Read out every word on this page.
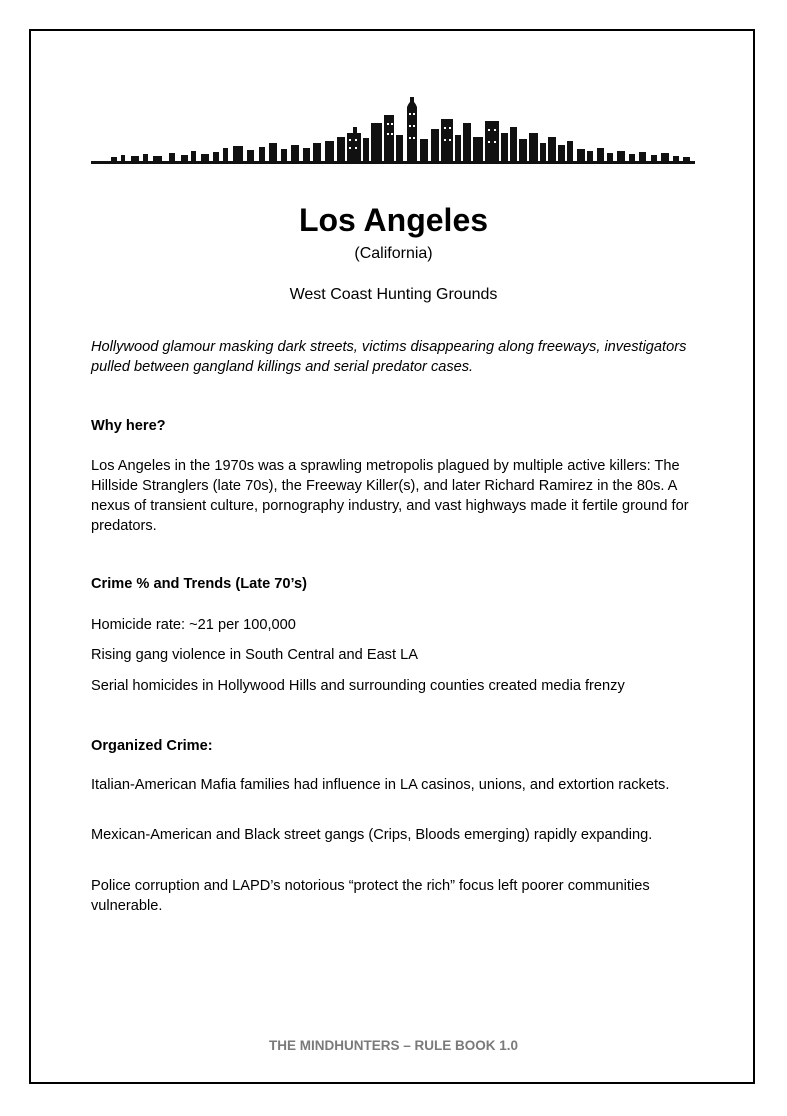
Los Angeles
(California)
West Coast Hunting Grounds
Hollywood glamour masking dark streets, victims disappearing along freeways, investigators pulled between gangland killings and serial predator cases.
Why here?
Los Angeles in the 1970s was a sprawling metropolis plagued by multiple active killers: The Hillside Stranglers (late 70s), the Freeway Killer(s), and later Richard Ramirez in the 80s. A nexus of transient culture, pornography industry, and vast highways made it fertile ground for predators.
Crime % and Trends (Late 70’s)
Homicide rate: ~21 per 100,000
Rising gang violence in South Central and East LA
Serial homicides in Hollywood Hills and surrounding counties created media frenzy
Organized Crime:
Italian-American Mafia families had influence in LA casinos, unions, and extortion rackets.
Mexican-American and Black street gangs (Crips, Bloods emerging) rapidly expanding.
Police corruption and LAPD’s notorious “protect the rich” focus left poorer communities vulnerable.
THE MINDHUNTERS – RULE BOOK 1.0
